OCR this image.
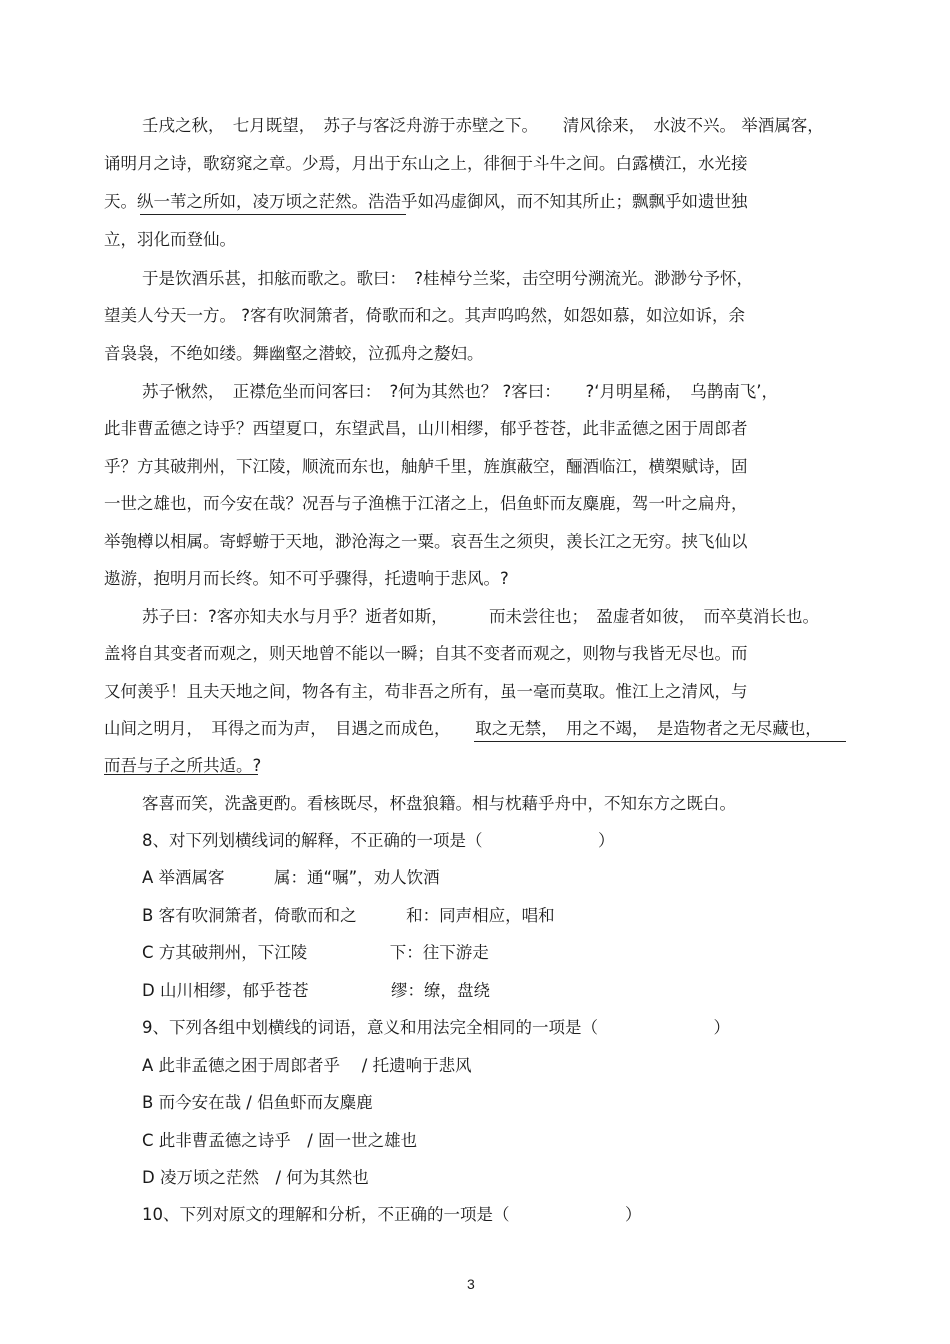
壬戌之秋，　七月既望，　苏子与客泛舟游于赤壁之下。　　清风徐来，　水波不兴。 举酒属客，

诵明月之诗，歌窈窕之章。少焉，月出于东山之上，徘徊于斗牛之间。白露横江，水光接

天。纵一苇之所如，凌万顷之茫然。浩浩乎如冯虚御风，而不知其所止；飘飘乎如遗世独

立，羽化而登仙。

于是饮酒乐甚，扣舷而歌之。歌曰：　?桂棹兮兰桨，击空明兮溯流光。渺渺兮予怀，

望美人兮天一方。 ?客有吹洞箫者，倚歌而和之。其声呜呜然，如怨如慕，如泣如诉，余

音袅袅，不绝如缕。舞幽壑之潜蛟，泣孤舟之嫠妇。

苏子愀然，　正襟危坐而问客曰：　?何为其然也？ ?客曰：　　?‘月明星稀，　乌鹊南飞’，

此非曹孟德之诗乎？西望夏口，东望武昌，山川相缪，郁乎苍苍，此非孟德之困于周郎者

乎？方其破荆州，下江陵，顺流而东也，舳舻千里，旌旗蔽空，酾酒临江，横槊赋诗，固

一世之雄也，而今安在哉？况吾与子渔樵于江渚之上，侣鱼虾而友麋鹿，驾一叶之扁舟，

举匏樽以相属。寄蜉蝣于天地，渺沧海之一粟。哀吾生之须臾，羡长江之无穷。挟飞仙以

遨游，抱明月而长终。知不可乎骤得，托遗响于悲风。?

苏子曰：?客亦知夫水与月乎？逝者如斯，　　　而未尝往也；　盈虚者如彼，　而卒莫消长也。

盖将自其变者而观之，则天地曾不能以一瞬；自其不变者而观之，则物与我皆无尽也。而

又何羡乎！且夫天地之间，物各有主，苟非吾之所有，虽一毫而莫取。惟江上之清风，与

山间之明月，　耳得之而为声，　目遇之而成色，　　取之无禁，　用之不竭，　是造物者之无尽藏也，

而吾与子之所共适。?

客喜而笑，洗盏更酌。看核既尽，杯盘狼籍。相与枕藉乎舟中，不知东方之既白。

8、对下列划横线词的解释，不正确的一项是（　　　　　　　）

A 举酒属客　　　属：通“嘱”，劝人饮酒

B 客有吹洞箫者，倚歌而和之　　　和：同声相应，唱和

C 方其破荆州，下江陵　　　　　下：往下游走

D 山川相缪，郁乎苍苍　　　　　缪：缭，盘绕

9、下列各组中划横线的词语，意义和用法完全相同的一项是（　　　　　　　）

A 此非孟德之困于周郎者乎　 / 托遗响于悲风

B 而今安在哉 / 侣鱼虾而友麋鹿

C 此非曹孟德之诗乎　/ 固一世之雄也

D 凌万顷之茫然　/ 何为其然也

10、下列对原文的理解和分析，不正确的一项是（　　　　　　　）

3
